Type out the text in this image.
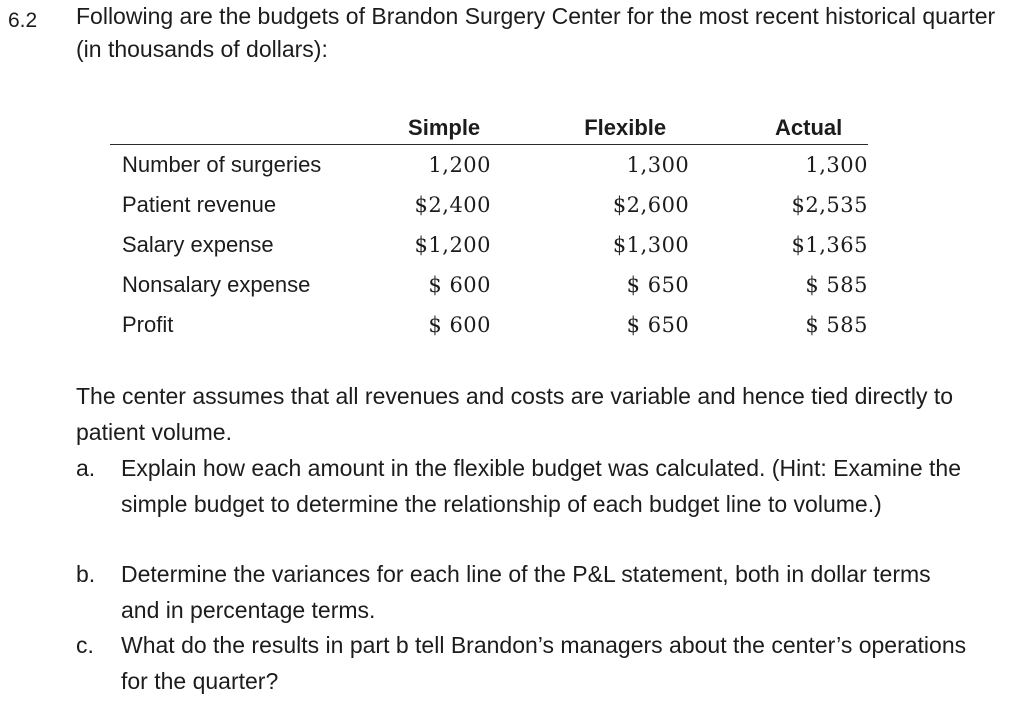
6.2 Following are the budgets of Brandon Surgery Center for the most recent historical quarter (in thousands of dollars):

	Simple	Flexible	Actual
Number of surgeries	1,200	1,300	1,300
Patient revenue	$2,400	$2,600	$2,535
Salary expense	$1,200	$1,300	$1,365
Nonsalary expense	$ 600	$ 650	$ 585
Profit	$ 600	$ 650	$ 585

The center assumes that all revenues and costs are variable and hence tied directly to patient volume.

a. Explain how each amount in the flexible budget was calculated. (Hint: Examine the simple budget to determine the relationship of each budget line to volume.)
b. Determine the variances for each line of the P&L statement, both in dollar terms and in percentage terms.
c. What do the results in part b tell Brandon’s managers about the center’s operations for the quarter?
